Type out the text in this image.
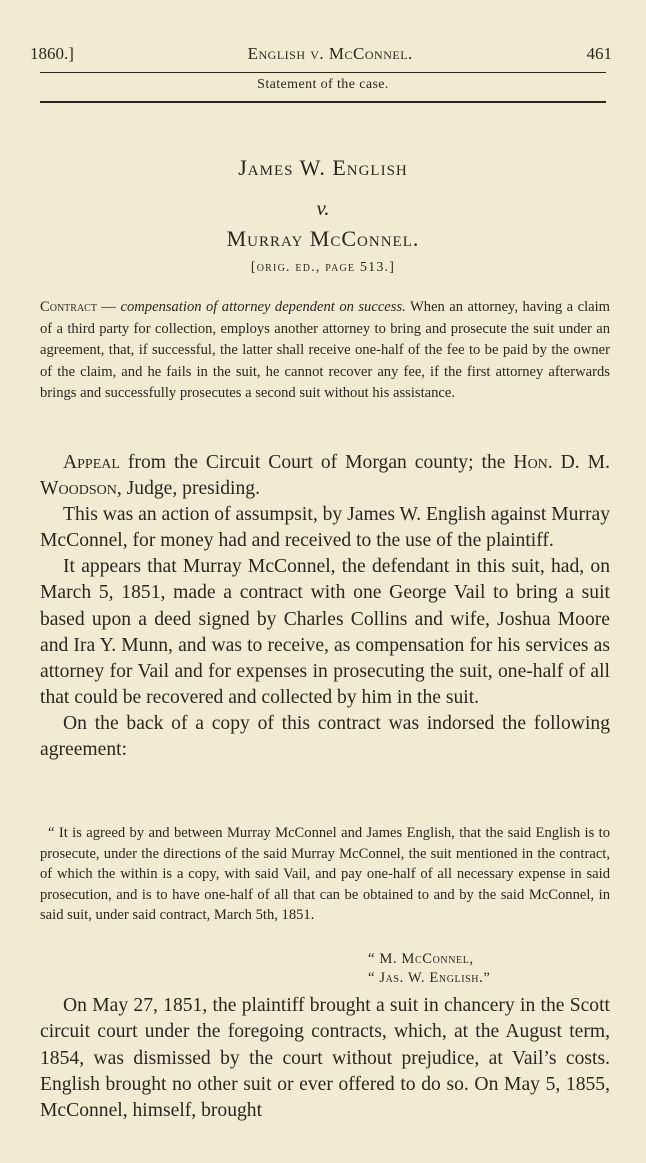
1860.]	English v. McConnel.	461
Statement of the case.
James W. English
v.
Murray McConnel.
[orig. ed., page 513.]
Contract — compensation of attorney dependent on success. When an attorney, having a claim of a third party for collection, employs another attorney to bring and prosecute the suit under an agreement, that, if successful, the latter shall receive one-half of the fee to be paid by the owner of the claim, and he fails in the suit, he cannot recover any fee, if the first attorney afterwards brings and successfully prosecutes a second suit without his assistance.

Appeal from the Circuit Court of Morgan county; the Hon. D. M. Woodson, Judge, presiding.

This was an action of assumpsit, by James W. English against Murray McConnel, for money had and received to the use of the plaintiff.

It appears that Murray McConnel, the defendant in this suit, had, on March 5, 1851, made a contract with one George Vail to bring a suit based upon a deed signed by Charles Collins and wife, Joshua Moore and Ira Y. Munn, and was to receive, as compensation for his services as attorney for Vail and for expenses in prosecuting the suit, one-half of all that could be recovered and collected by him in the suit.

On the back of a copy of this contract was indorsed the following agreement:

“ It is agreed by and between Murray McConnel and James English, that the said English is to prosecute, under the directions of the said Murray McConnel, the suit mentioned in the contract, of which the within is a copy, with said Vail, and pay one-half of all necessary expense in said prosecution, and is to have one-half of all that can be obtained to and by the said McConnel, in said suit, under said contract, March 5th, 1851.

“ M. McConnel,
“ Jas. W. English.”

On May 27, 1851, the plaintiff brought a suit in chancery in the Scott circuit court under the foregoing contracts, which, at the August term, 1854, was dismissed by the court without prejudice, at Vail’s costs. English brought no other suit or ever offered to do so. On May 5, 1855, McConnel, himself, brought
